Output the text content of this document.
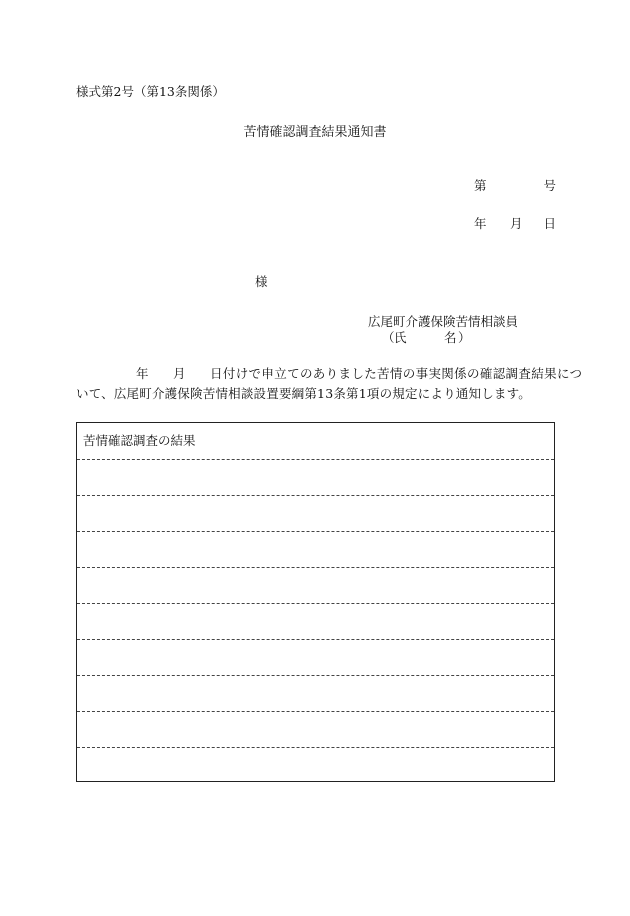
様式第2号（第13条関係）
苦情確認調査結果通知書
第	号
年 月 日
様
広尾町介護保険苦情相談員
（ 氏	名 ）
年 月 日付けで申立てのありました苦情の事実関係の確認調査結果につ
いて、広尾町介護保険苦情相談設置要綱第13条第1項の規定により通知します。
苦情確認調査の結果
